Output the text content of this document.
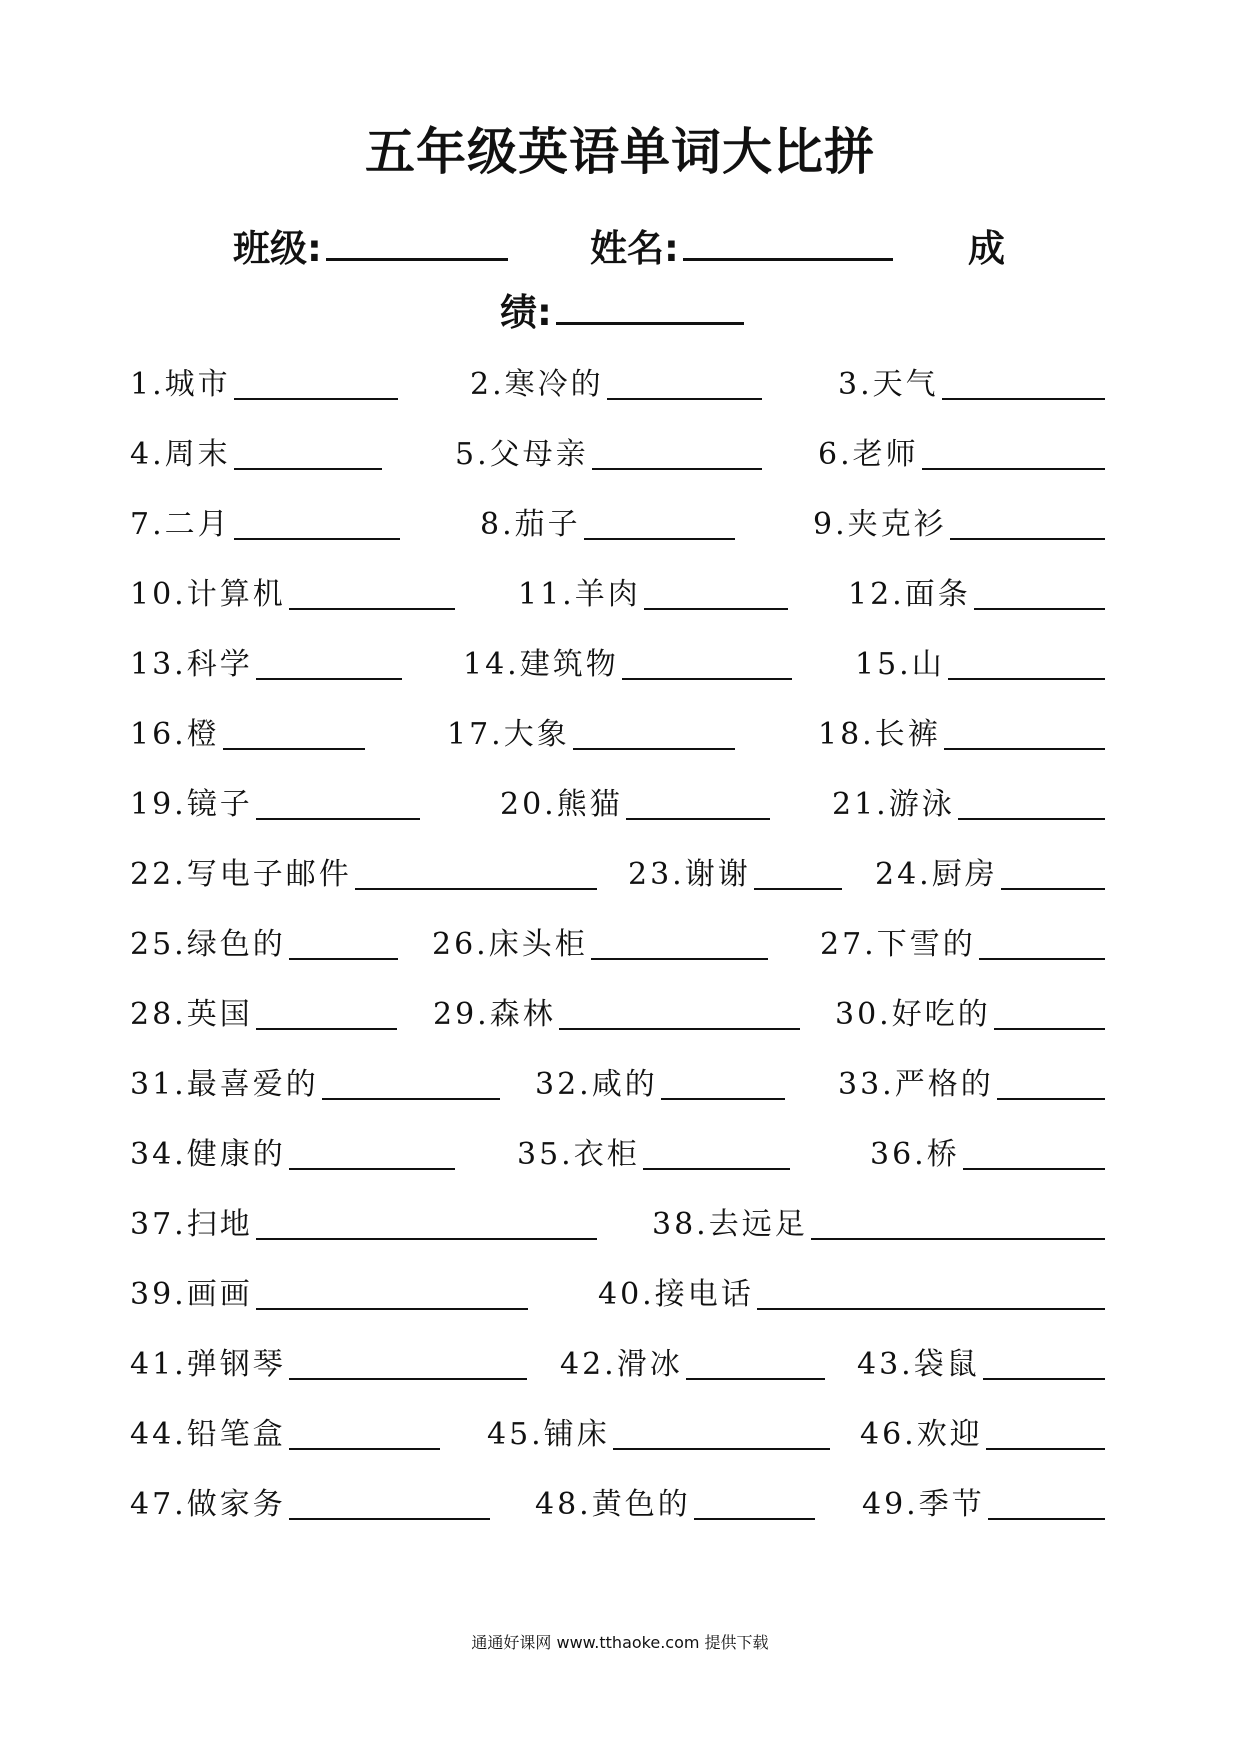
五年级英语单词大比拼
班级:	姓名:	成
绩:
1.城市	2.寒冷的	3.天气
4.周末	5.父母亲	6.老师
7.二月	8.茄子	9.夹克衫
10.计算机	11.羊肉	12.面条
13.科学	14.建筑物	15.山
16.橙	17.大象	18.长裤
19.镜子	20.熊猫	21.游泳
22.写电子邮件	23.谢谢	24.厨房
25.绿色的	26.床头柜	27.下雪的
28.英国	29.森林	30.好吃的
31.最喜爱的	32.咸的	33.严格的
34.健康的	35.衣柜	36.桥
37.扫地	38.去远足
39.画画	40.接电话
41.弹钢琴	42.滑冰	43.袋鼠
44.铅笔盒	45.铺床	46.欢迎
47.做家务	48.黄色的	49.季节
通通好课网 www.tthaoke.com 提供下载
